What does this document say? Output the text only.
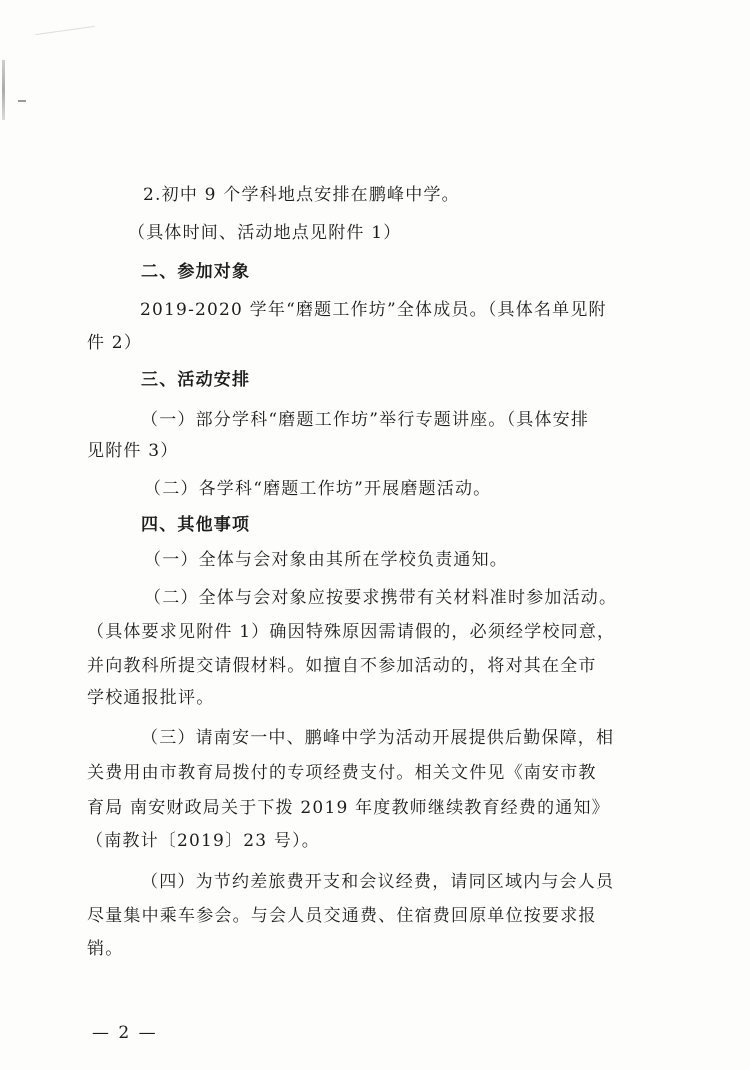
2.初中 9 个学科地点安排在鹏峰中学。
（具体时间、活动地点见附件 1）
二、参加对象
2019-2020 学年“磨题工作坊”全体成员。（具体名单见附
件 2）
三、活动安排
（一）部分学科“磨题工作坊”举行专题讲座。（具体安排
见附件 3）
（二）各学科“磨题工作坊”开展磨题活动。
四、其他事项
（一）全体与会对象由其所在学校负责通知。
（二）全体与会对象应按要求携带有关材料准时参加活动。
（具体要求见附件 1）确因特殊原因需请假的，必须经学校同意，
并向教科所提交请假材料。如擅自不参加活动的，将对其在全市
学校通报批评。
（三）请南安一中、鹏峰中学为活动开展提供后勤保障，相
关费用由市教育局拨付的专项经费支付。相关文件见《南安市教
育局 南安财政局关于下拨 2019 年度教师继续教育经费的通知》
（南教计〔2019〕23 号）。
（四）为节约差旅费开支和会议经费，请同区域内与会人员
尽量集中乘车参会。与会人员交通费、住宿费回原单位按要求报
销。
— 2 —
